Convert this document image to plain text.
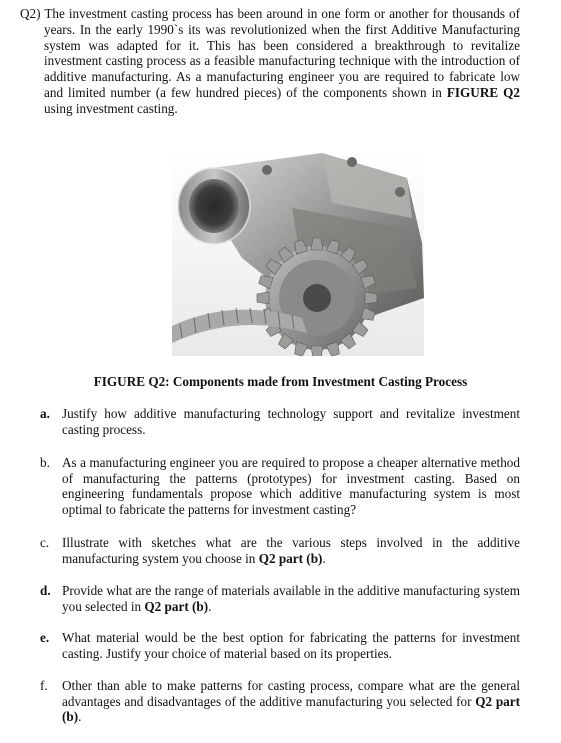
Q2) The investment casting process has been around in one form or another for thousands of years. In the early 1990`s its was revolutionized when the first Additive Manufacturing system was adapted for it. This has been considered a breakthrough to revitalize investment casting process as a feasible manufacturing technique with the introduction of additive manufacturing. As a manufacturing engineer you are required to fabricate low and limited number (a few hundred pieces) of the components shown in FIGURE Q2 using investment casting.

FIGURE Q2: Components made from Investment Casting Process

a. Justify how additive manufacturing technology support and revitalize investment casting process.
b. As a manufacturing engineer you are required to propose a cheaper alternative method of manufacturing the patterns (prototypes) for investment casting. Based on engineering fundamentals propose which additive manufacturing system is most optimal to fabricate the patterns for investment casting?
c. Illustrate with sketches what are the various steps involved in the additive manufacturing system you choose in Q2 part (b).
d. Provide what are the range of materials available in the additive manufacturing system you selected in Q2 part (b).
e. What material would be the best option for fabricating the patterns for investment casting. Justify your choice of material based on its properties.
f.	Other than able to make patterns for casting process, compare what are the general advantages and disadvantages of the additive manufacturing you selected for Q2 part (b).
